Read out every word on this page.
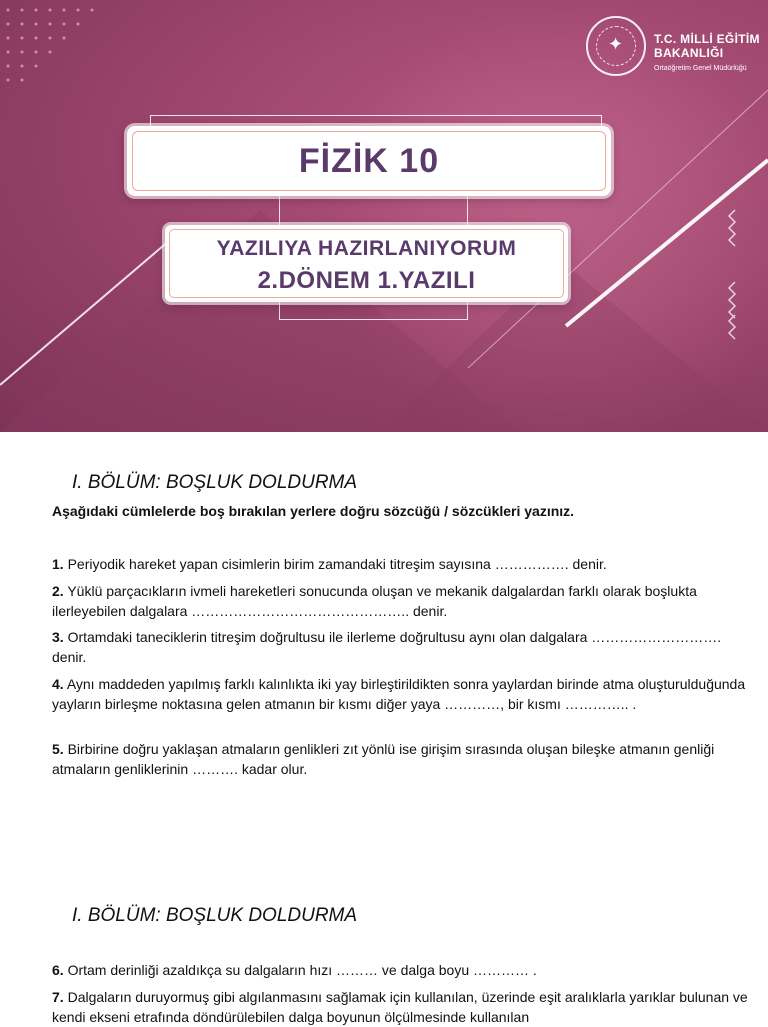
✦	T.C. MİLLİ EĞİTİM
BAKANLIĞI
Ortaöğretim Genel Müdürlüğü
FİZİK 10
YAZILIYA HAZIRLANIYORUM
2.DÖNEM 1.YAZILI
I. BÖLÜM: BOŞLUK DOLDURMA
Aşağıdaki cümlelerde boş bırakılan yerlere doğru sözcüğü / sözcükleri yazınız.
1. Periyodik hareket yapan cisimlerin birim zamandaki titreşim sayısına ……………. denir.
2. Yüklü parçacıkların ivmeli hareketleri sonucunda oluşan ve mekanik dalgalardan farklı olarak boşlukta ilerleyebilen dalgalara ……………………………………….. denir.
3. Ortamdaki taneciklerin titreşim doğrultusu ile ilerleme doğrultusu aynı olan dalgalara ………………………. denir.
4. Aynı maddeden yapılmış farklı kalınlıkta iki yay birleştirildikten sonra yaylardan birinde atma oluşturulduğunda yayların birleşme noktasına gelen atmanın bir kısmı diğer yaya …………, bir kısmı ………….. .
5. Birbirine doğru yaklaşan atmaların genlikleri zıt yönlü ise girişim sırasında oluşan bileşke atmanın genliği atmaların genliklerinin ………. kadar olur.
I. BÖLÜM: BOŞLUK DOLDURMA
6. Ortam derinliği azaldıkça su dalgaların hızı ……… ve dalga boyu ………… .
7. Dalgaların duruyormuş gibi algılanmasını sağlamak için kullanılan, üzerinde eşit aralıklarla yarıklar bulunan ve kendi ekseni etrafında döndürülebilen dalga boyunun ölçülmesinde kullanılan
